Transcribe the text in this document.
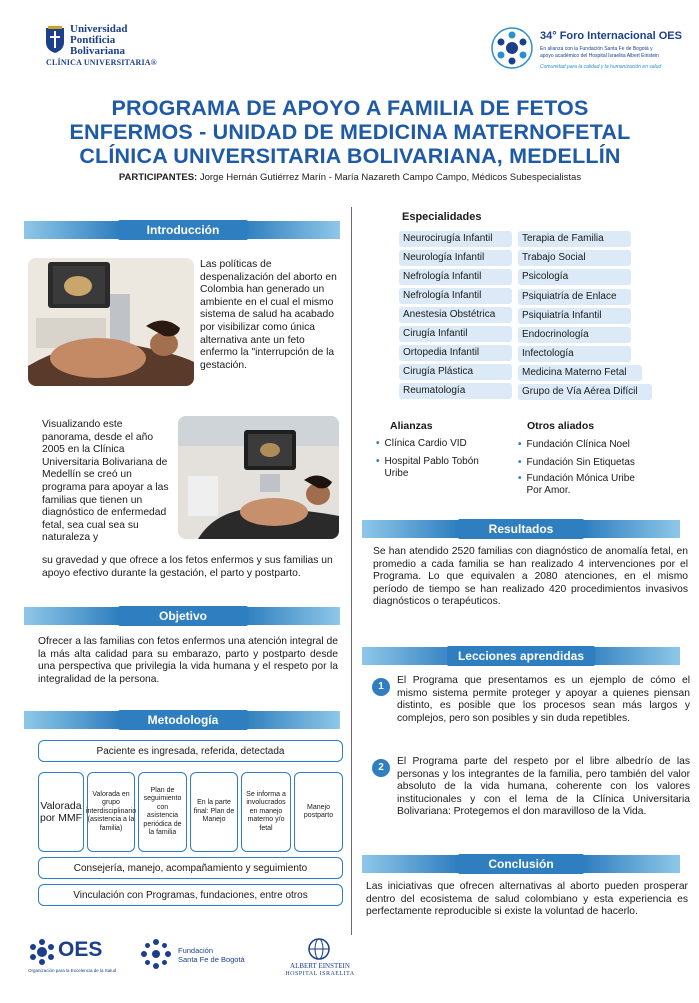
Universidad
Pontificia
Bolivariana
CLÍNICA UNIVERSITARIA®
34° Foro Internacional OES
En alianza con la Fundación Santa Fe de Bogotá y
apoyo académico del Hospital Israelita Albert Einstein
Comunidad para la calidad y la humanización en salud
PROGRAMA DE APOYO A FAMILIA DE FETOS
ENFERMOS - UNIDAD DE MEDICINA MATERNOFETAL
CLÍNICA UNIVERSITARIA BOLIVARIANA, MEDELLÍN
PARTICIPANTES: Jorge Hernán Gutiérrez Marín - María Nazareth Campo Campo, Médicos Subespecialistas
Introducción
Las políticas de despenalización del aborto en Colombia han generado un ambiente en el cual el mismo sistema de salud ha acabado por visibilizar como única alternativa ante un feto enfermo la "interrupción de la gestación.
Visualizando este panorama, desde el año 2005 en la Clínica Universitaria Bolivariana de Medellín se creó un programa para apoyar a las familias que tienen un diagnóstico de enfermedad fetal, sea cual sea su naturaleza y
su gravedad y que ofrece a los fetos enfermos y sus familias un apoyo efectivo durante la gestación, el parto y postparto.
Objetivo
Ofrecer a las familias con fetos enfermos una atención integral de la más alta calidad para su embarazo, parto y postparto desde una perspectiva que privilegia la vida humana y el respeto por la integralidad de la persona.
Metodología
Paciente es ingresada, referida, detectada
Valorada por MMF
Valorada en grupo interdisciplinario (asistencia a la familia)
Plan de seguimiento con asistencia periódica de la familia
En la parte final: Plan de Manejo
Se informa a involucrados en manejo materno y/o fetal
Manejo postparto
Consejería, manejo, acompañamiento y seguimiento
Vinculación con Programas, fundaciones, entre otros
Especialidades
Neurocirugía Infantil
Neurología Infantil
Nefrología Infantil
Nefrología Infantil
Anestesia Obstétrica
Cirugía Infantil
Ortopedia Infantil
Cirugía Plástica
Reumatología
Terapia de Familia
Trabajo Social
Psicología
Psiquiatría de Enlace
Psiquiatría Infantil
Endocrinología
Infectología
Medicina Materno Fetal
Grupo de Vía Aérea Difícil
Alianzas
• Clínica Cardio VID
• Hospital Pablo Tobón Uribe
Otros aliados
• Fundación Clínica Noel
• Fundación Sin Etiquetas
• Fundación Mónica Uribe Por Amor.
Resultados
Se han atendido 2520 familias con diagnóstico de anomalía fetal, en promedio a cada familia se han realizado 4 intervenciones por el Programa. Lo que equivalen a 2080 atenciones, en el mismo período de tiempo se han realizado 420 procedimientos invasivos diagnósticos o terapéuticos.
Lecciones aprendidas
1
El Programa que presentamos es un ejemplo de cómo el mismo sistema permite proteger y apoyar a quienes piensan distinto, es posible que los procesos sean más largos y complejos, pero son posibles y sin duda repetibles.
2
El Programa parte del respeto por el libre albedrío de las personas y los integrantes de la familia, pero también del valor absoluto de la vida humana, coherente con los valores institucionales y con el lema de la Clínica Universitaria Bolivariana: Protegemos el don maravilloso de la Vida.
Conclusión
Las iniciativas que ofrecen alternativas al aborto pueden prosperar dentro del ecosistema de salud colombiano y esta experiencia es perfectamente reproducible si existe la voluntad de hacerlo.
OES
Organización para la Excelencia de la Salud
Fundación
Santa Fe de Bogotá
ALBERT EINSTEIN
HOSPITAL ISRAELITA
